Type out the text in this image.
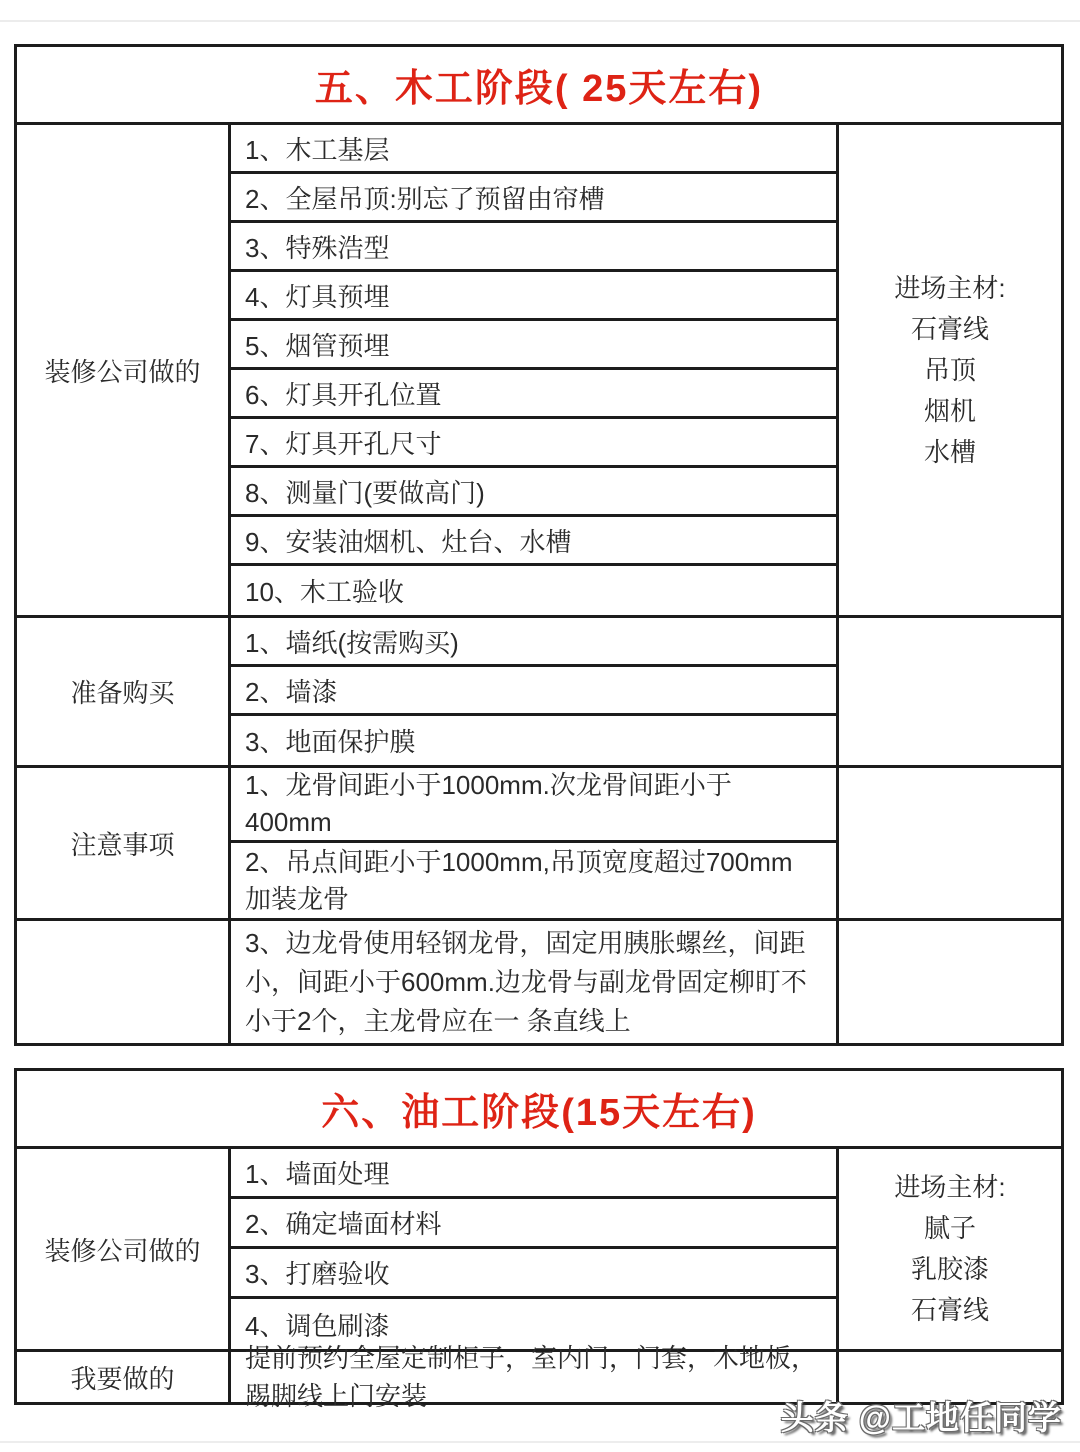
五、木工阶段( 25天左右)
装修公司做的
1、木工基层
2、全屋吊顶:别忘了预留由帘槽
3、特殊浩型
4、灯具预埋
5、烟管预埋
6、灯具开孔位置
7、灯具开孔尺寸
8、测量门(要做高门)
9、安装油烟机、灶台、水槽
10、木工验收
进场主材:
石膏线
吊顶
烟机
水槽
准备购买
1、墙纸(按需购买)
2、墙漆
3、地面保护膜
注意事项
1、龙骨间距小于1000mm.次龙骨间距小于 400mm
2、吊点间距小于1000mm,吊顶宽度超过700mm 加装龙骨
3、边龙骨使用轻钢龙骨，固定用胰胀螺丝，间距小，间距小于600mm.边龙骨与副龙骨固定柳盯不小于2个，主龙骨应在一 条直线上
六、油工阶段(15天左右)
装修公司做的
1、墙面处理
2、确定墙面材料
3、打磨验收
4、调色刷漆
进场主材:
腻子
乳胶漆
石膏线
我要做的
提前预约全屋定制柜子，室内门，门套，木地板，踢脚线上门安装
头条 @工地任同学
